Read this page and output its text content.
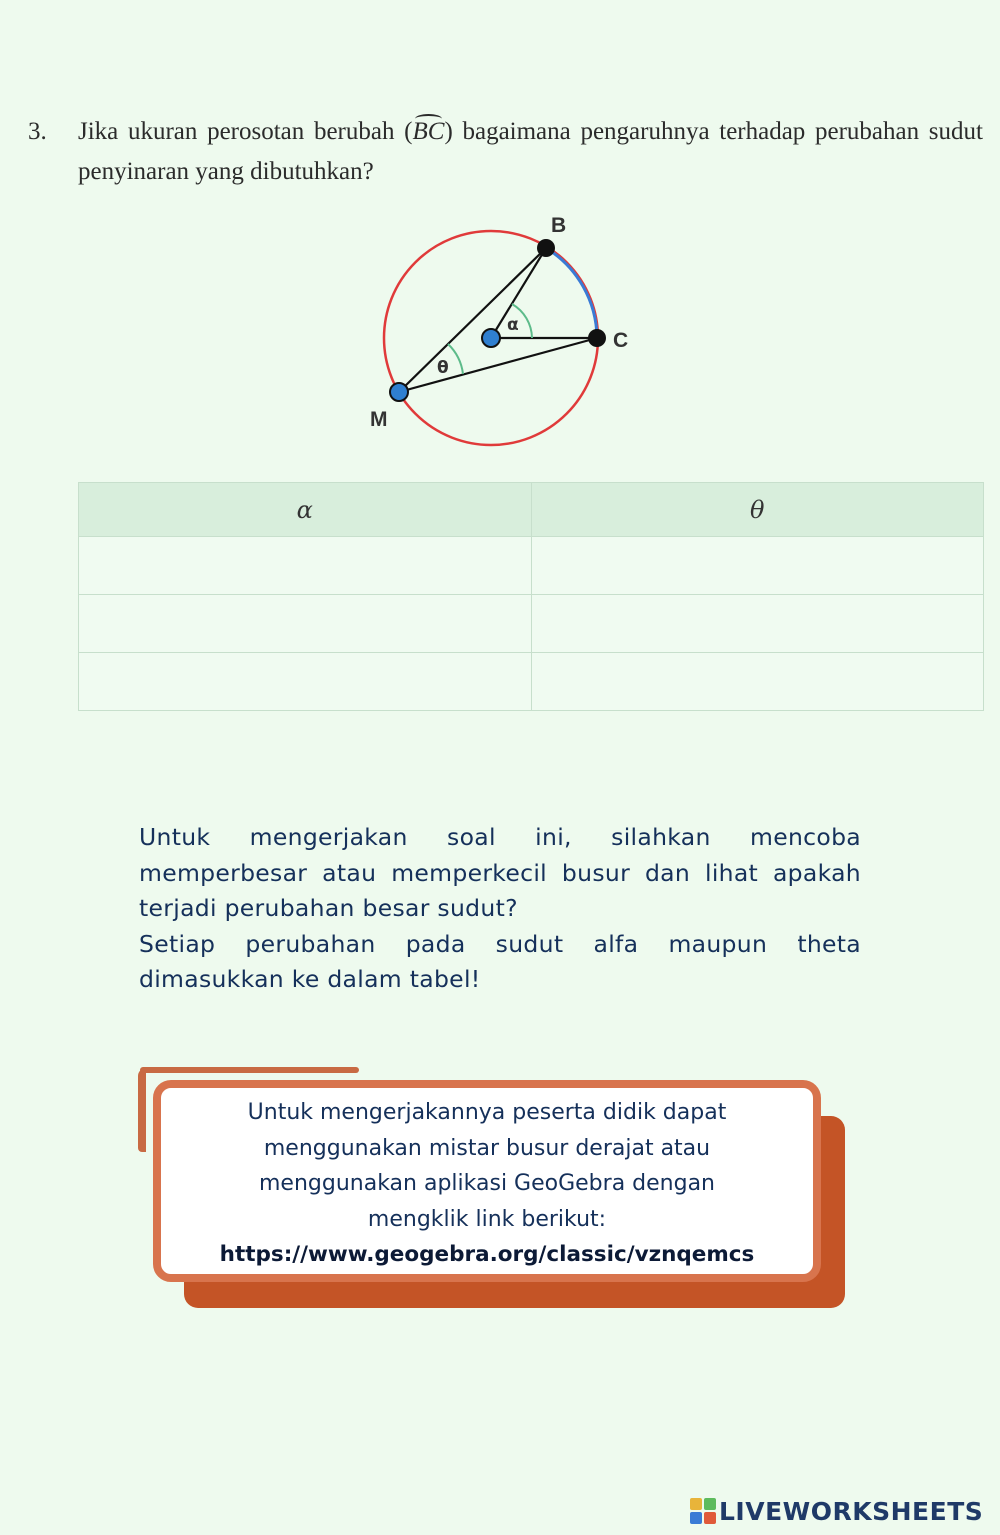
3. Jika ukuran perosotan berubah (BC) bagaimana pengaruhnya terhadap perubahan sudut penyinaran yang dibutuhkan?
B
C
M
α
θ
α	θ

Untuk mengerjakan soal ini, silahkan mencoba memperbesar atau memperkecil busur dan lihat apakah terjadi perubahan besar sudut?

Setiap perubahan pada sudut alfa maupun theta dimasukkan ke dalam tabel!

Untuk mengerjakannya peserta didik dapat
menggunakan mistar busur derajat atau
menggunakan aplikasi GeoGebra dengan
mengklik link berikut:
https://www.geogebra.org/classic/vznqemcs
LIVEWORKSHEETS
